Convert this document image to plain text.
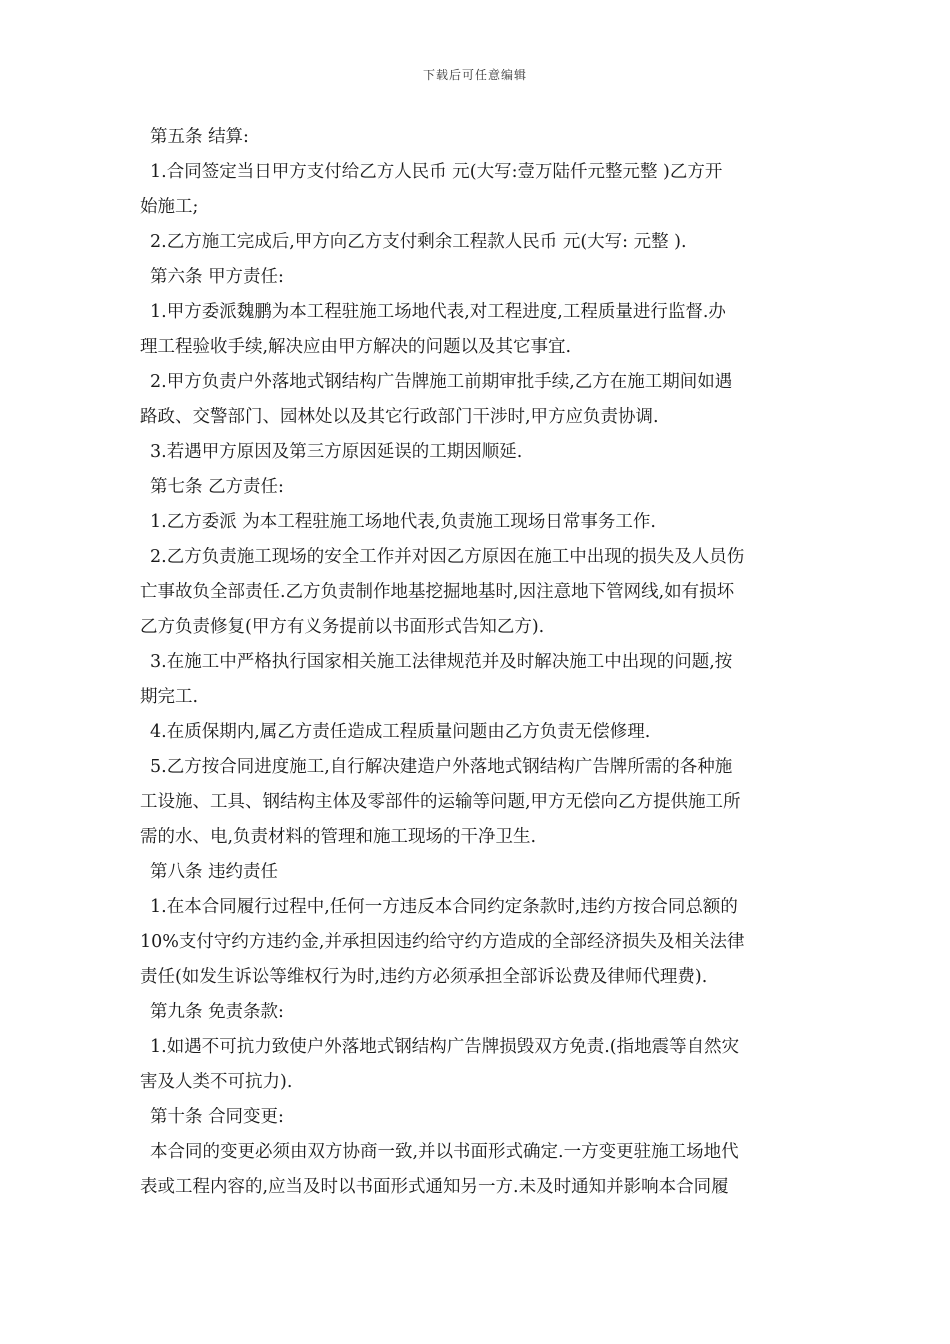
下载后可任意编辑
第五条 结算:
1.合同签定当日甲方支付给乙方人民币 元(大写:壹万陆仟元整元整 )乙方开
始施工;
2.乙方施工完成后,甲方向乙方支付剩余工程款人民币 元(大写: 元整 ).
第六条 甲方责任:
1.甲方委派魏鹏为本工程驻施工场地代表,对工程进度,工程质量进行监督.办
理工程验收手续,解决应由甲方解决的问题以及其它事宜.
2.甲方负责户外落地式钢结构广告牌施工前期审批手续,乙方在施工期间如遇
路政、交警部门、园林处以及其它行政部门干涉时,甲方应负责协调.
3.若遇甲方原因及第三方原因延误的工期因顺延.
第七条 乙方责任:
1.乙方委派 为本工程驻施工场地代表,负责施工现场日常事务工作.
2.乙方负责施工现场的安全工作并对因乙方原因在施工中出现的损失及人员伤
亡事故负全部责任.乙方负责制作地基挖掘地基时,因注意地下管网线,如有损坏
乙方负责修复(甲方有义务提前以书面形式告知乙方).
3.在施工中严格执行国家相关施工法律规范并及时解决施工中出现的问题,按
期完工.
4.在质保期内,属乙方责任造成工程质量问题由乙方负责无偿修理.
5.乙方按合同进度施工,自行解决建造户外落地式钢结构广告牌所需的各种施
工设施、工具、钢结构主体及零部件的运输等问题,甲方无偿向乙方提供施工所
需的水、电,负责材料的管理和施工现场的干净卫生.
第八条 违约责任
1.在本合同履行过程中,任何一方违反本合同约定条款时,违约方按合同总额的
10%支付守约方违约金,并承担因违约给守约方造成的全部经济损失及相关法律
责任(如发生诉讼等维权行为时,违约方必须承担全部诉讼费及律师代理费).
第九条 免责条款:
1.如遇不可抗力致使户外落地式钢结构广告牌损毁双方免责.(指地震等自然灾
害及人类不可抗力).
第十条 合同变更:
本合同的变更必须由双方协商一致,并以书面形式确定.一方变更驻施工场地代
表或工程内容的,应当及时以书面形式通知另一方.未及时通知并影响本合同履
